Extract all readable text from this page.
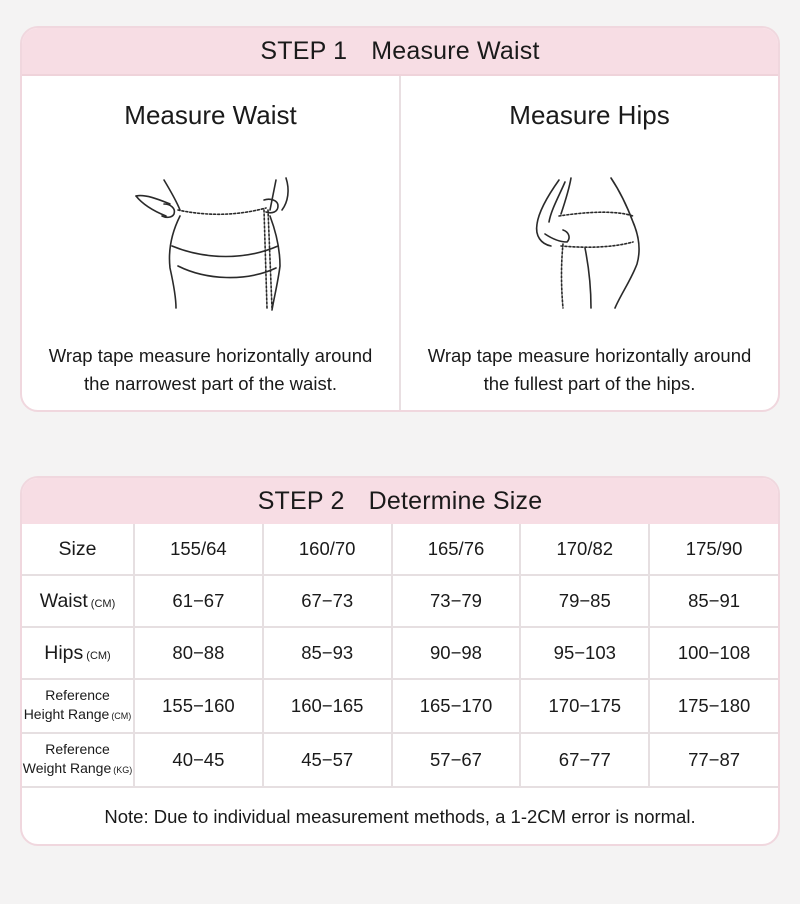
STEP 1 Measure Waist
Measure Waist
Wrap tape measure horizontally around
the narrowest part of the waist.
Measure Hips
Wrap tape measure horizontally around
the fullest part of the hips.
STEP 2 Determine Size
Size	155/64	160/70	165/76	170/82	175/90
Waist (CM)	61−67	67−73	73−79	79−85	85−91
Hips (CM)	80−88	85−93	90−98	95−103	100−108

Reference
Height Range (CM)	155−160	160−165	165−170	170−175	175−180

Reference
Weight Range (KG)	40−45	45−57	57−67	67−77	77−87
Note: Due to individual measurement methods, a 1-2CM error is normal.
